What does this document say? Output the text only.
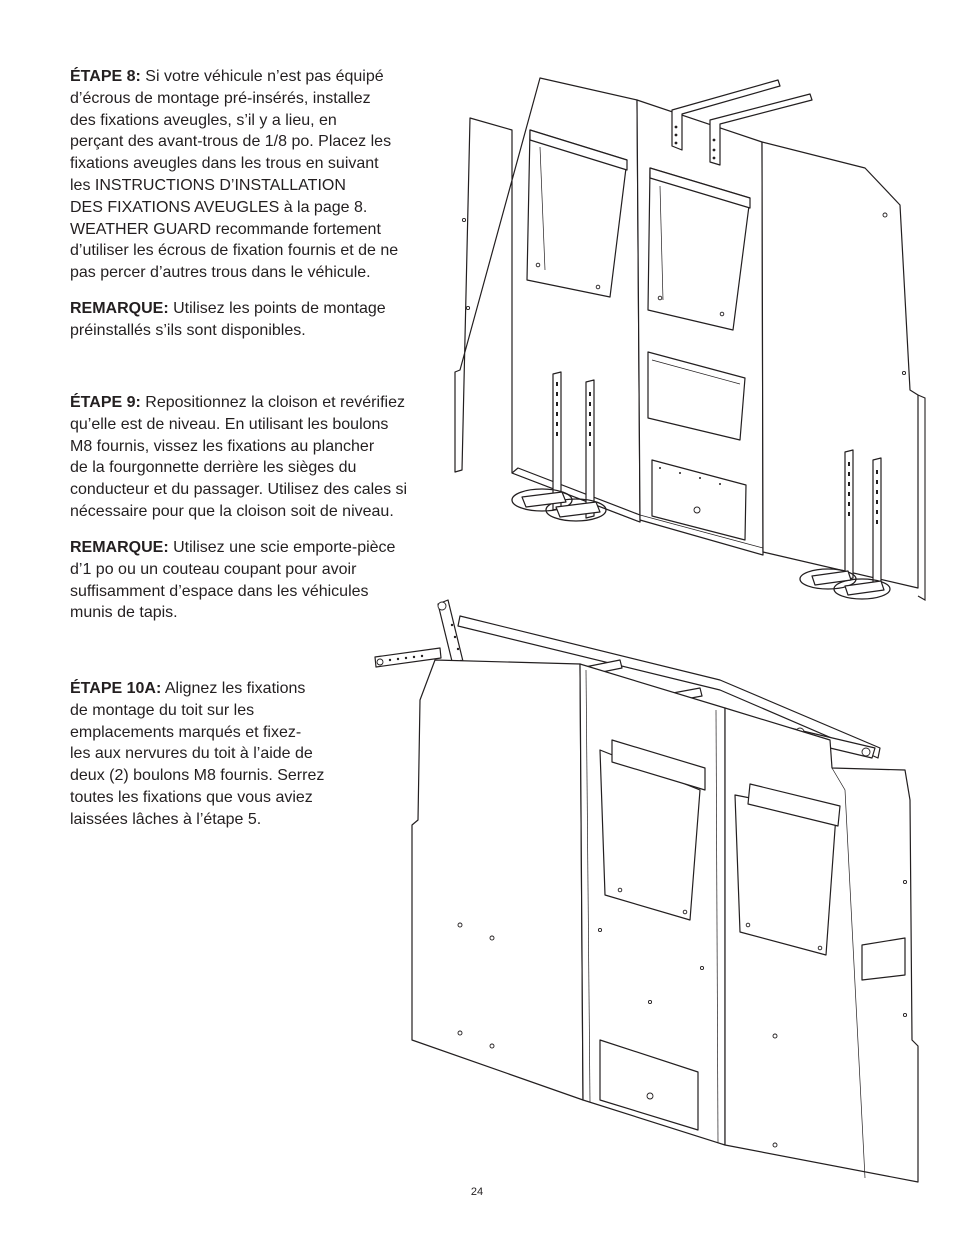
ÉTAPE 8: Si votre véhicule n’est pas équipé
d’écrous de montage pré-insérés, installez
des fixations aveugles, s’il y a lieu, en
perçant des avant-trous de 1/8 po. Placez les
fixations aveugles dans les trous en suivant
les INSTRUCTIONS D’INSTALLATION
DES FIXATIONS AVEUGLES à la page 8.
WEATHER GUARD recommande fortement
d’utiliser les écrous de fixation fournis et de ne
pas percer d’autres trous dans le véhicule.
REMARQUE: Utilisez les points de montage
préinstallés s’ils sont disponibles.
ÉTAPE 9: Repositionnez la cloison et revérifiez
qu’elle est de niveau. En utilisant les boulons
M8 fournis, vissez les fixations au plancher
de la fourgonnette derrière les sièges du
conducteur et du passager. Utilisez des cales si
nécessaire pour que la cloison soit de niveau.
REMARQUE: Utilisez une scie emporte-pièce
d’1 po ou un couteau coupant pour avoir
suffisamment d’espace dans les véhicules
munis de tapis.
ÉTAPE 10A: Alignez les fixations
de montage du toit sur les
emplacements marqués et fixez-
les aux nervures du toit à l’aide de
deux (2) boulons M8 fournis. Serrez
toutes les fixations que vous aviez
laissées lâches à l’étape 5.
24
